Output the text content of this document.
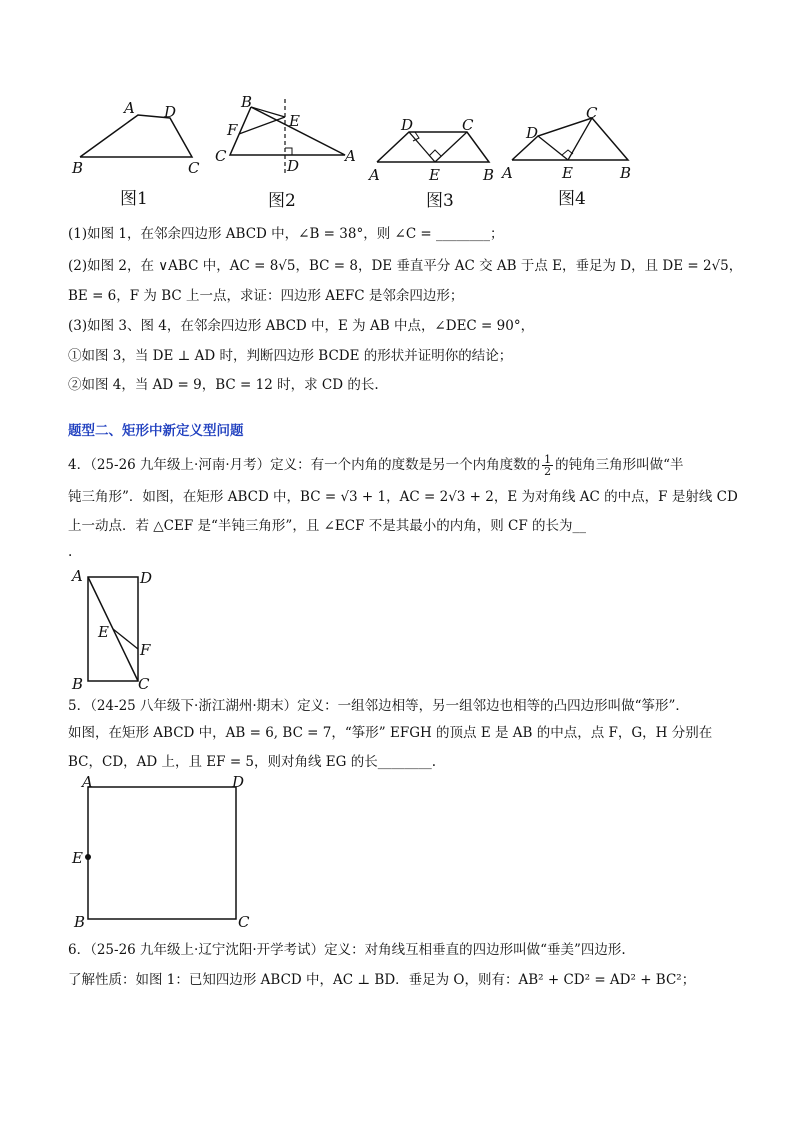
A D
B	C
图1
B
E
F
C
D
A
图2
D	C
A	E	B
图3
D
C
A	E	B
图4
(1)如图 1，在邻余四边形 ABCD 中，∠B = 38°，则 ∠C = ________；
(2)如图 2，在 ∨ABC 中，AC = 8√5，BC = 8，DE 垂直平分 AC 交 AB 于点 E，垂足为 D，且 DE = 2√5，
BE = 6，F 为 BC 上一点，求证：四边形 AEFC 是邻余四边形；
(3)如图 3、图 4，在邻余四边形 ABCD 中，E 为 AB 中点，∠DEC = 90°，
①如图 3，当 DE ⊥ AD 时，判断四边形 BCDE 的形状并证明你的结论；
②如图 4，当 AD = 9，BC = 12 时，求 CD 的长.
题型二、矩形中新定义型问题
4．（25-26 九年级上·河南·月考）定义：有一个内角的度数是另一个内角度数的 $\frac{1}{2}$ 的钝角三角形叫做“半
钝三角形”．如图，在矩形 ABCD 中，BC = √3 + 1，AC = 2√3 + 2，E 为对角线 AC 的中点，F 是射线 CD
上一动点．若 △CEF 是“半钝三角形”，且 ∠ECF 不是其最小的内角，则 CF 的长为__
.
A	D
E
F
B	C
5．（24-25 八年级下·浙江湖州·期末）定义：一组邻边相等，另一组邻边也相等的凸四边形叫做“筝形”．
如图，在矩形 ABCD 中，AB = 6, BC = 7，“筝形” EFGH 的顶点 E 是 AB 的中点，点 F，G，H 分别在
BC，CD，AD 上，且 EF = 5，则对角线 EG 的长________.
A	D
E
B	C
6．（25-26 九年级上·辽宁沈阳·开学考试）定义：对角线互相垂直的四边形叫做“垂美”四边形.
了解性质：如图 1：已知四边形 ABCD 中，AC ⊥ BD．垂足为 O，则有：AB² + CD² = AD² + BC²；
